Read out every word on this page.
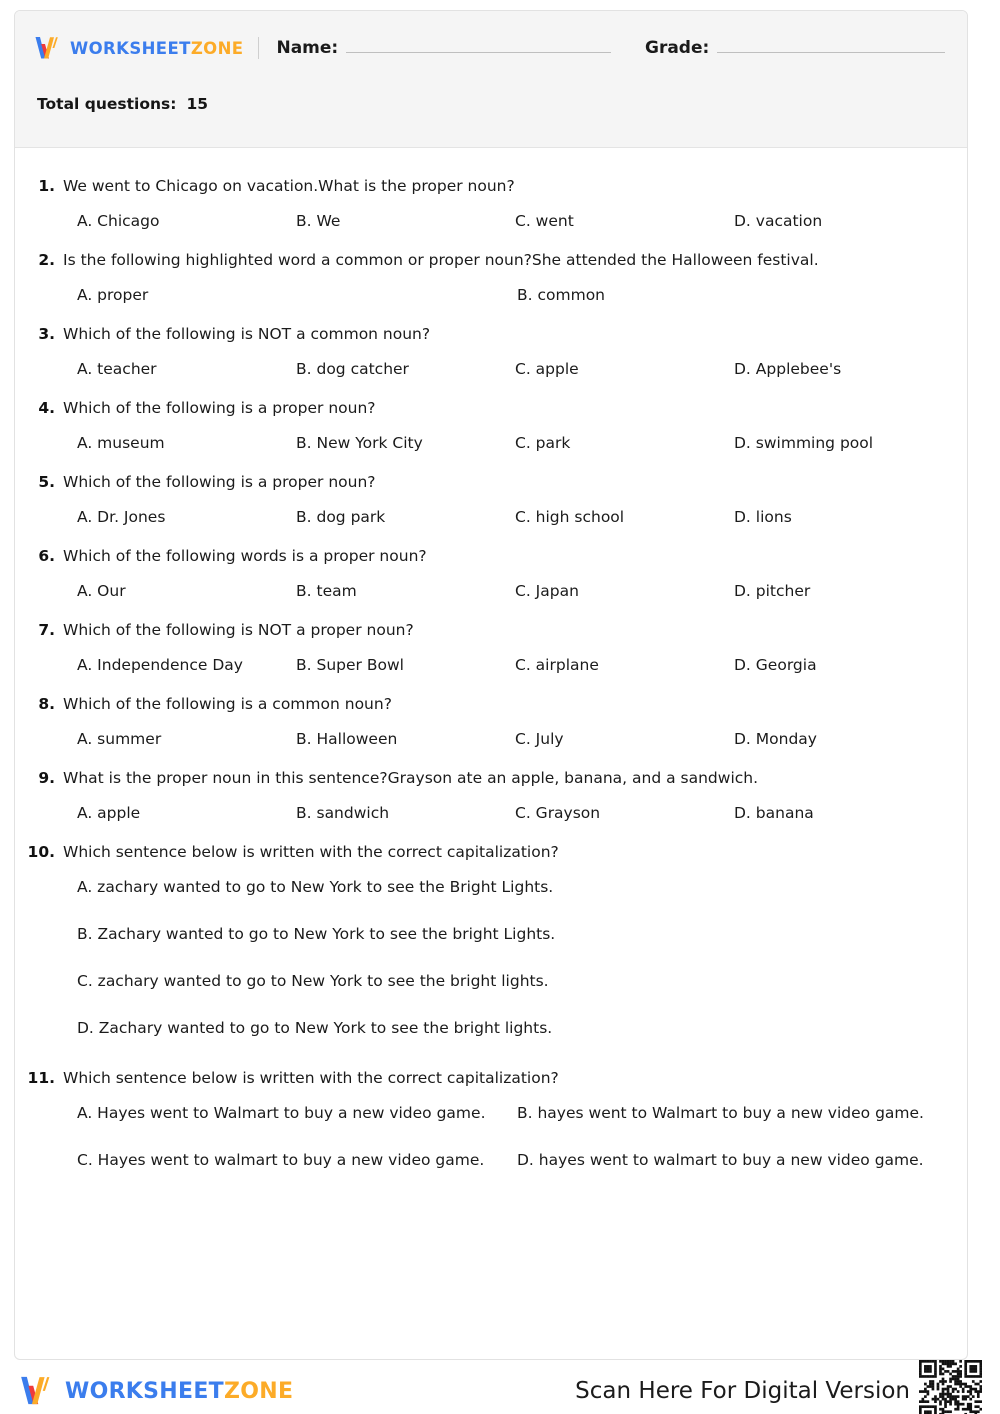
WORKSHEETZONE Name:	Grade:
Total questions: 15
1. We went to Chicago on vacation.What is the proper noun?
A. Chicago	B. We	C. went	D. vacation
2. Is the following highlighted word a common or proper noun?She attended the Halloween festival.
A. proper	B. common
3. Which of the following is NOT a common noun?
A. teacher	B. dog catcher	C. apple	D. Applebee's
4. Which of the following is a proper noun?
A. museum	B. New York City	C. park	D. swimming pool
5. Which of the following is a proper noun?
A. Dr. Jones	B. dog park	C. high school	D. lions
6. Which of the following words is a proper noun?
A. Our	B. team	C. Japan	D. pitcher
7. Which of the following is NOT a proper noun?
A. Independence Day	B. Super Bowl	C. airplane	D. Georgia
8. Which of the following is a common noun?
A. summer	B. Halloween	C. July	D. Monday
9. What is the proper noun in this sentence?Grayson ate an apple, banana, and a sandwich.
A. apple	B. sandwich	C. Grayson	D. banana
10. Which sentence below is written with the correct capitalization?
A. zachary wanted to go to New York to see the Bright Lights.
B. Zachary wanted to go to New York to see the bright Lights.
C. zachary wanted to go to New York to see the bright lights.
D. Zachary wanted to go to New York to see the bright lights.
11. Which sentence below is written with the correct capitalization?
A. Hayes went to Walmart to buy a new video game.	B. hayes went to Walmart to buy a new video game.
C. Hayes went to walmart to buy a new video game.	D. hayes went to walmart to buy a new video game.
WORKSHEETZONE	Scan Here For Digital Version
